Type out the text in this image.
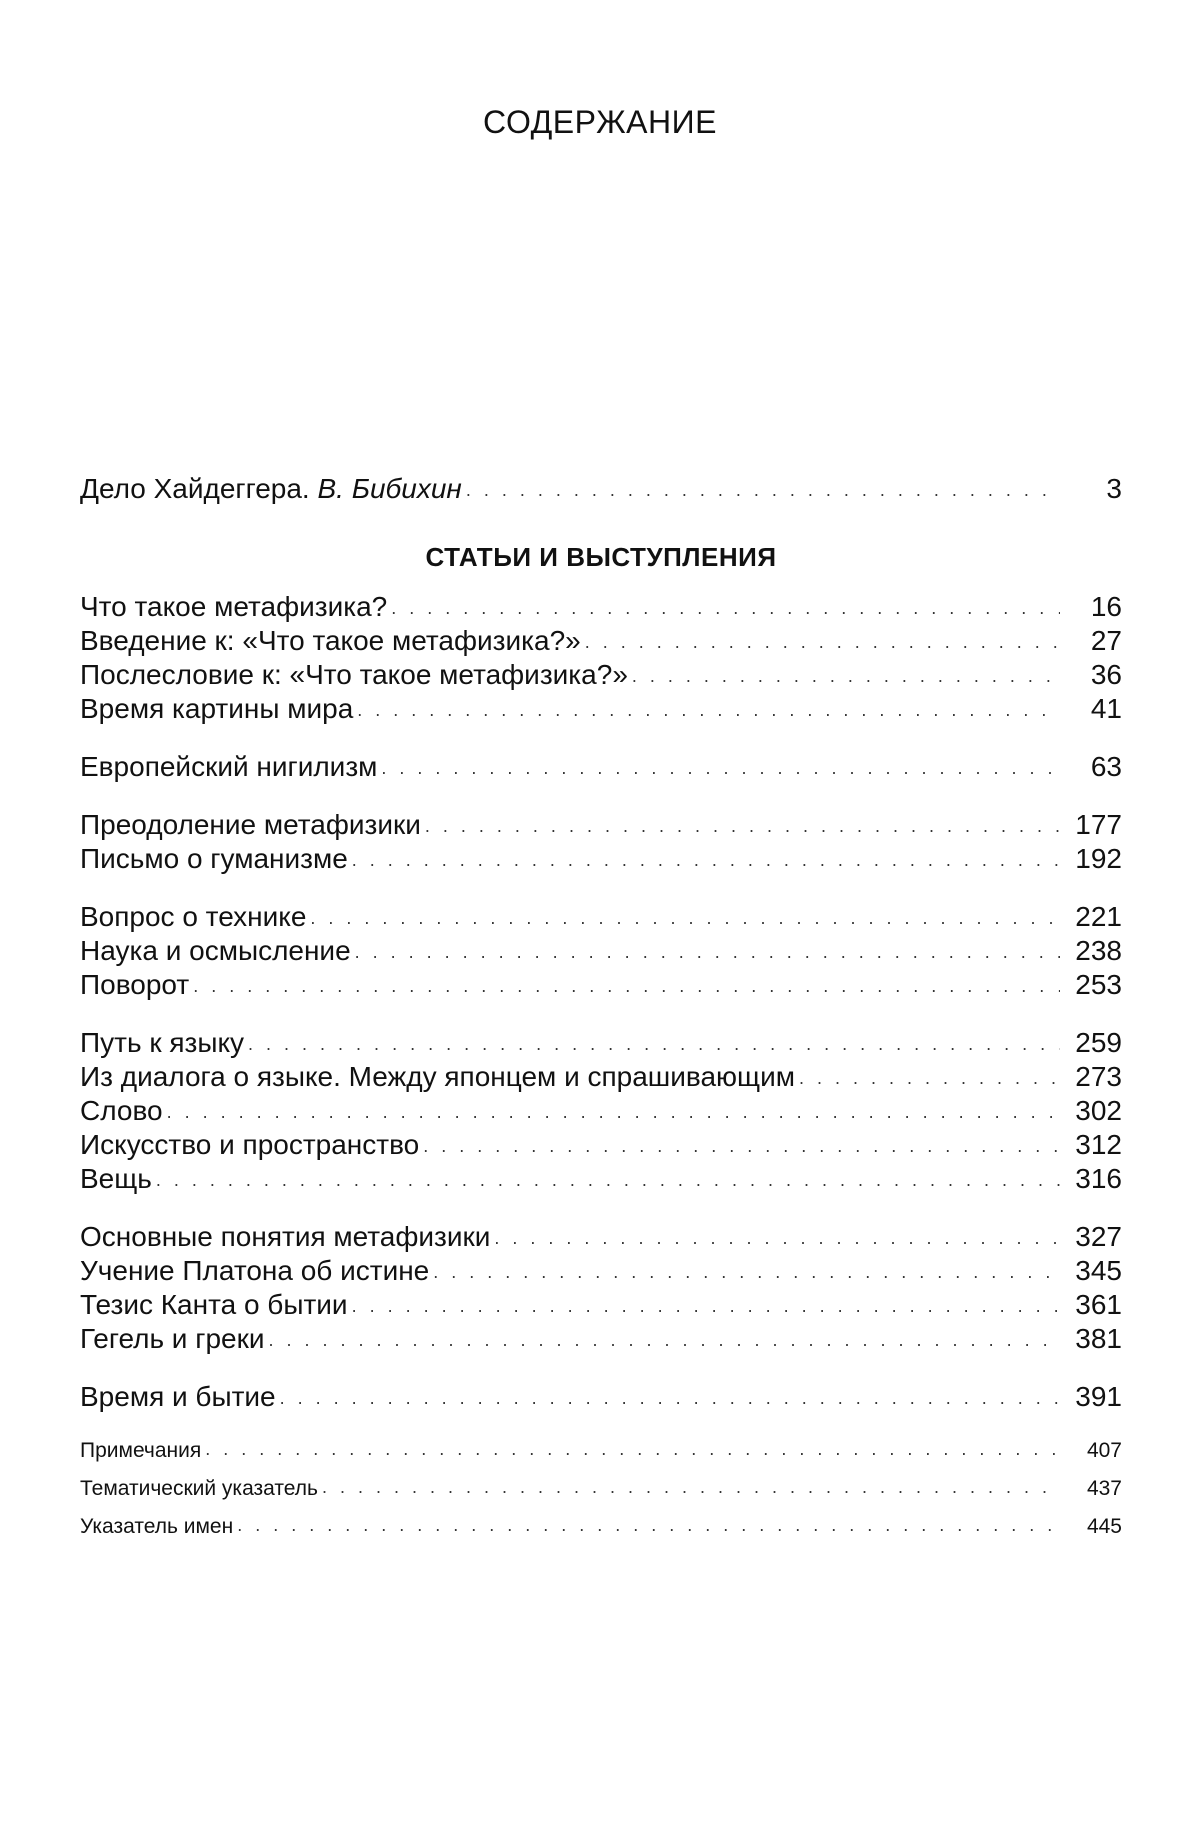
СОДЕРЖАНИЕ
Дело Хайдеггера. В. Бибихин . . .	3
СТАТЬИ И ВЫСТУПЛЕНИЯ
Что такое метафизика? . . .	16
Введение к: «Что такое метафизика?» . . .	27
Послесловие к: «Что такое метафизика?» . . .	36
Время картины мира . . .	41
Европейский нигилизм . . .	63
Преодоление метафизики . . .	177
Письмо о гуманизме . . .	192
Вопрос о технике . . .	221
Наука и осмысление . . .	238
Поворот . . .	253
Путь к языку . . .	259
Из диалога о языке. Между японцем и спрашивающим . . .	273
Слово . . .	302
Искусство и пространство . . .	312
Вещь . . .	316
Основные понятия метафизики . . .	327
Учение Платона об истине . . .	345
Тезис Канта о бытии . . .	361
Гегель и греки . . .	381
Время и бытие . . .	391
Примечания . . .	407
Тематический указатель . . .	437
Указатель имен . . .	445
